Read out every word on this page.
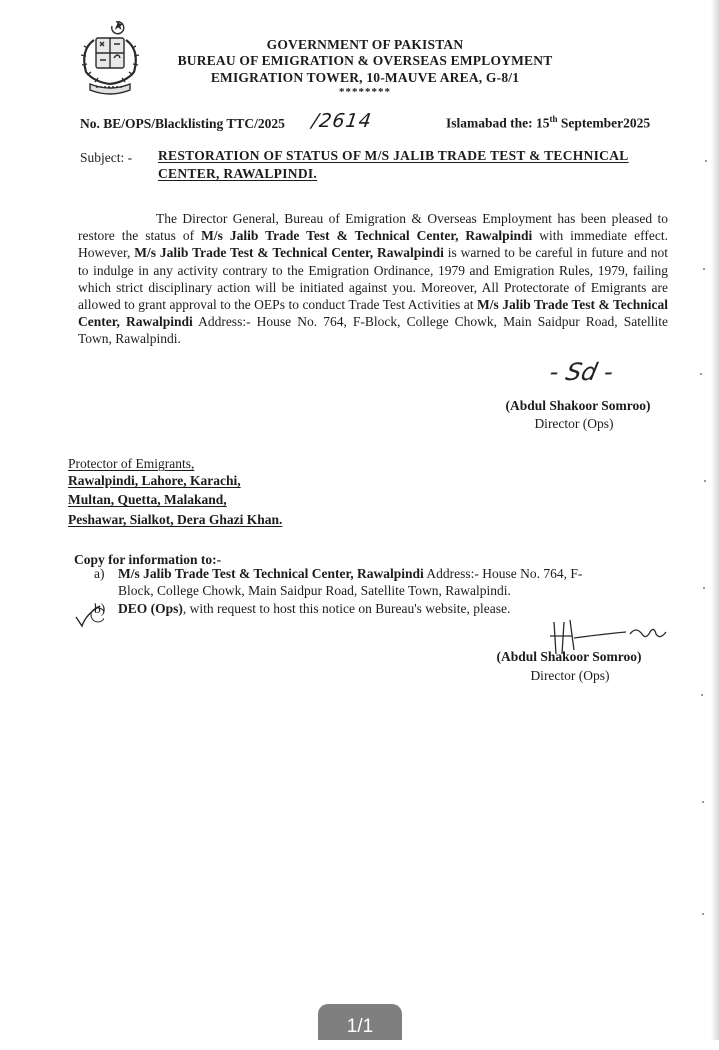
GOVERNMENT OF PAKISTAN
BUREAU OF EMIGRATION & OVERSEAS EMPLOYMENT
EMIGRATION TOWER, 10-MAUVE AREA, G-8/1
********
No. BE/OPS/Blacklisting TTC/2025 /2614	Islamabad the: 15th September2025
Subject: - RESTORATION OF STATUS OF M/S JALIB TRADE TEST & TECHNICAL
CENTER, RAWALPINDI.
The Director General, Bureau of Emigration & Overseas Employment has been pleased to restore the status of M/s Jalib Trade Test & Technical Center, Rawalpindi with immediate effect. However, M/s Jalib Trade Test & Technical Center, Rawalpindi is warned to be careful in future and not to indulge in any activity contrary to the Emigration Ordinance, 1979 and Emigration Rules, 1979, failing which strict disciplinary action will be initiated against you. Moreover, All Protectorate of Emigrants are allowed to grant approval to the OEPs to conduct Trade Test Activities at M/s Jalib Trade Test & Technical Center, Rawalpindi Address:- House No. 764, F-Block, College Chowk, Main Saidpur Road, Satellite Town, Rawalpindi.
- Sd -
(Abdul Shakoor Somroo)
Director (Ops)
Protector of Emigrants,
Rawalpindi, Lahore, Karachi,
Multan, Quetta, Malakand,
Peshawar, Sialkot, Dera Ghazi Khan.
Copy for information to:-
a) M/s Jalib Trade Test & Technical Center, Rawalpindi Address:- House No. 764, F-
Block, College Chowk, Main Saidpur Road, Satellite Town, Rawalpindi.
b) DEO (Ops), with request to host this notice on Bureau's website, please.
(Abdul Shakoor Somroo)
Director (Ops)
1/1
